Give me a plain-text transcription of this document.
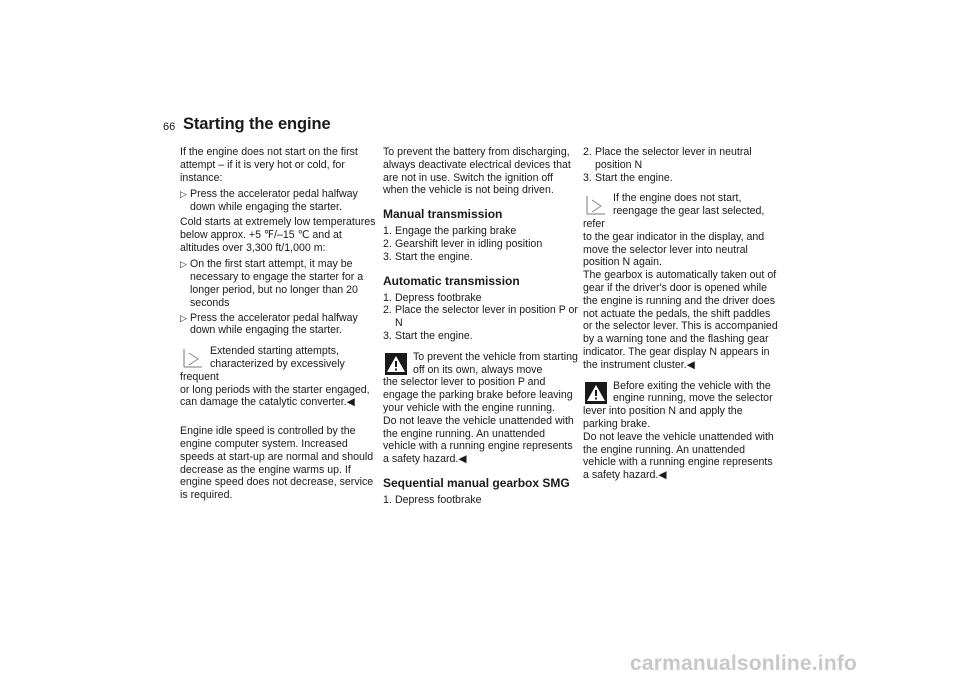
66 Starting the engine

If the engine does not start on the first attempt – if it is very hot or cold, for instance:

▷ Press the accelerator pedal halfway down while engaging the starter.

Cold starts at extremely low temperatures below approx. +5 ℉/–15 ℃ and at altitudes over 3,300 ft/1,000 m:

▷ On the first start attempt, it may be necessary to engage the starter for a longer period, but no longer than 20 seconds
▷ Press the accelerator pedal halfway down while engaging the starter.
Extended starting attempts, characterized by excessively frequent
or long periods with the starter engaged, can damage the catalytic converter.◀

Engine idle speed is controlled by the engine computer system. Increased speeds at start-up are normal and should decrease as the engine warms up. If engine speed does not decrease, service is required.

To prevent the battery from discharging, always deactivate electrical devices that are not in use. Switch the ignition off when the vehicle is not being driven.

Manual transmission
1. Engage the parking brake
2. Gearshift lever in idling position
3. Start the engine.
Automatic transmission
1. Depress footbrake
2. Place the selector lever in position P or N
3. Start the engine.
To prevent the vehicle from starting off on its own, always move
the selector lever to position P and engage the parking brake before leaving your vehicle with the engine running.
Do not leave the vehicle unattended with the engine running. An unattended vehicle with a running engine represents a safety hazard.◀
Sequential manual gearbox SMG
1. Depress footbrake
2. Place the selector lever in neutral position N
3. Start the engine.
If the engine does not start, reengage the gear last selected, refer
to the gear indicator in the display, and move the selector lever into neutral position N again.
The gearbox is automatically taken out of gear if the driver's door is opened while the engine is running and the driver does not actuate the pedals, the shift paddles or the selector lever. This is accompanied by a warning tone and the flashing gear indicator. The gear display N appears in the instrument cluster.◀
Before exiting the vehicle with the engine running, move the selector
lever into position N and apply the parking brake.
Do not leave the vehicle unattended with the engine running. An unattended vehicle with a running engine represents a safety hazard.◀
carmanualsonline.info
